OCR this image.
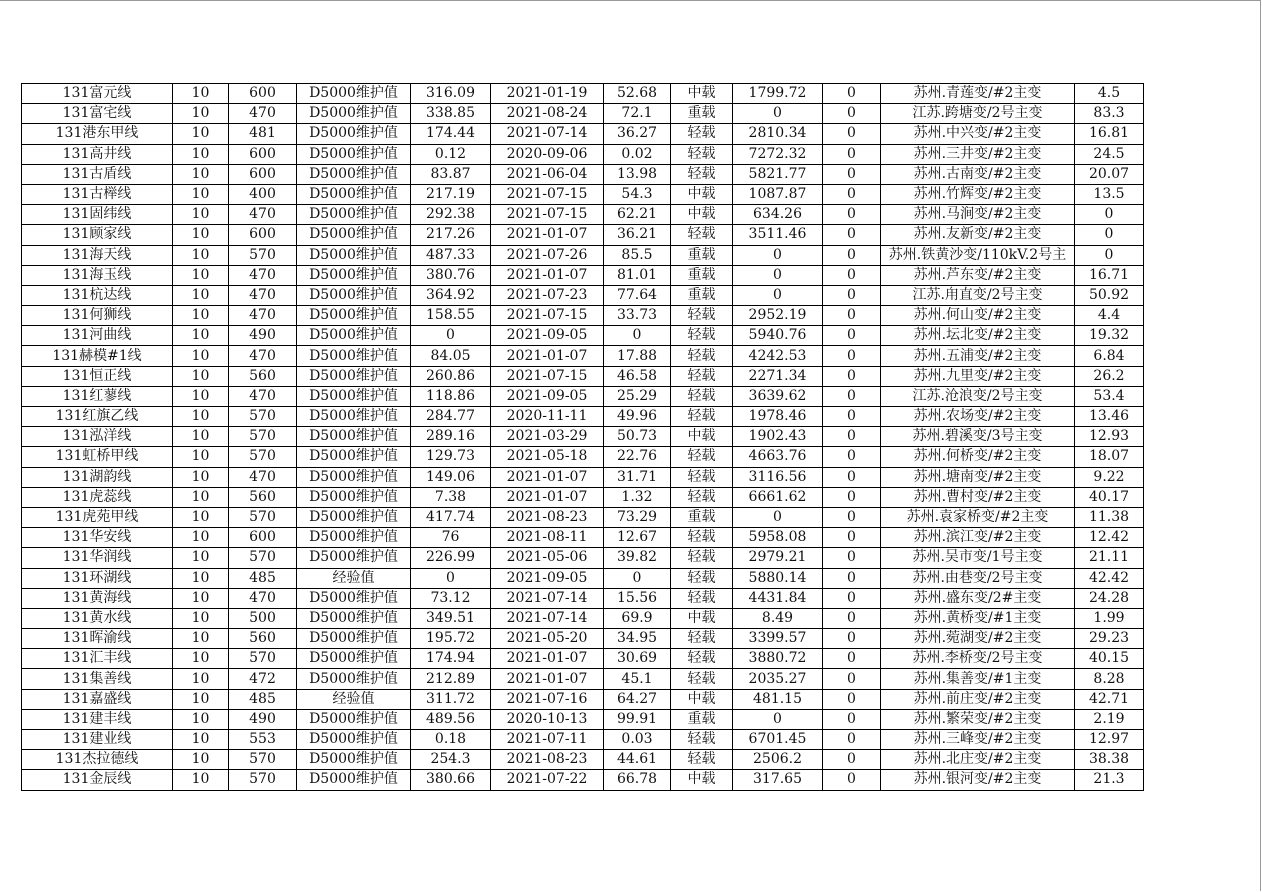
131富元线	10	600	D5000维护值	316.09	2021-01-19	52.68	中载	1799.72	0	苏州.青莲变/#2主变	4.5
131富宅线	10	470	D5000维护值	338.85	2021-08-24	72.1	重载	0	0	江苏.跨塘变/2号主变	83.3
131港东甲线	10	481	D5000维护值	174.44	2021-07-14	36.27	轻载	2810.34	0	苏州.中兴变/#2主变	16.81
131高井线	10	600	D5000维护值	0.12	2020-09-06	0.02	轻载	7272.32	0	苏州.三井变/#2主变	24.5
131古盾线	10	600	D5000维护值	83.87	2021-06-04	13.98	轻载	5821.77	0	苏州.古南变/#2主变	20.07
131古榉线	10	400	D5000维护值	217.19	2021-07-15	54.3	中载	1087.87	0	苏州.竹辉变/#2主变	13.5
131固纬线	10	470	D5000维护值	292.38	2021-07-15	62.21	中载	634.26	0	苏州.马涧变/#2主变	0
131顾家线	10	600	D5000维护值	217.26	2021-01-07	36.21	轻载	3511.46	0	苏州.友新变/#2主变	0
131海天线	10	570	D5000维护值	487.33	2021-07-26	85.5	重载	0	0	苏州.铁黄沙变/110kV.2号主	0
131海玉线	10	470	D5000维护值	380.76	2021-01-07	81.01	重载	0	0	苏州.芦东变/#2主变	16.71
131杭达线	10	470	D5000维护值	364.92	2021-07-23	77.64	重载	0	0	江苏.甪直变/2号主变	50.92
131何狮线	10	470	D5000维护值	158.55	2021-07-15	33.73	轻载	2952.19	0	苏州.何山变/#2主变	4.4
131河曲线	10	490	D5000维护值	0	2021-09-05	0	轻载	5940.76	0	苏州.坛北变/#2主变	19.32
131赫模#1线	10	470	D5000维护值	84.05	2021-01-07	17.88	轻载	4242.53	0	苏州.五浦变/#2主变	6.84
131恒正线	10	560	D5000维护值	260.86	2021-07-15	46.58	轻载	2271.34	0	苏州.九里变/#2主变	26.2
131红蓼线	10	470	D5000维护值	118.86	2021-09-05	25.29	轻载	3639.62	0	江苏.沧浪变/2号主变	53.4
131红旗乙线	10	570	D5000维护值	284.77	2020-11-11	49.96	轻载	1978.46	0	苏州.农场变/#2主变	13.46
131泓洋线	10	570	D5000维护值	289.16	2021-03-29	50.73	中载	1902.43	0	苏州.碧溪变/3号主变	12.93
131虹桥甲线	10	570	D5000维护值	129.73	2021-05-18	22.76	轻载	4663.76	0	苏州.何桥变/#2主变	18.07
131湖韵线	10	470	D5000维护值	149.06	2021-01-07	31.71	轻载	3116.56	0	苏州.塘南变/#2主变	9.22
131虎蕊线	10	560	D5000维护值	7.38	2021-01-07	1.32	轻载	6661.62	0	苏州.曹村变/#2主变	40.17
131虎苑甲线	10	570	D5000维护值	417.74	2021-08-23	73.29	重载	0	0	苏州.袁家桥变/#2主变	11.38
131华安线	10	600	D5000维护值	76	2021-08-11	12.67	轻载	5958.08	0	苏州.滨江变/#2主变	12.42
131华润线	10	570	D5000维护值	226.99	2021-05-06	39.82	轻载	2979.21	0	苏州.吴市变/1号主变	21.11
131环湖线	10	485	经验值	0	2021-09-05	0	轻载	5880.14	0	苏州.由巷变/2号主变	42.42
131黄海线	10	470	D5000维护值	73.12	2021-07-14	15.56	轻载	4431.84	0	苏州.盛东变/2#主变	24.28
131黄水线	10	500	D5000维护值	349.51	2021-07-14	69.9	中载	8.49	0	苏州.黄桥变/#1主变	1.99
131晖渝线	10	560	D5000维护值	195.72	2021-05-20	34.95	轻载	3399.57	0	苏州.菀湖变/#2主变	29.23
131汇丰线	10	570	D5000维护值	174.94	2021-01-07	30.69	轻载	3880.72	0	苏州.李桥变/2号主变	40.15
131集善线	10	472	D5000维护值	212.89	2021-01-07	45.1	轻载	2035.27	0	苏州.集善变/#1主变	8.28
131嘉盛线	10	485	经验值	311.72	2021-07-16	64.27	中载	481.15	0	苏州.前庄变/#2主变	42.71
131建丰线	10	490	D5000维护值	489.56	2020-10-13	99.91	重载	0	0	苏州.繁荣变/#2主变	2.19
131建业线	10	553	D5000维护值	0.18	2021-07-11	0.03	轻载	6701.45	0	苏州.三峰变/#2主变	12.97
131杰拉德线	10	570	D5000维护值	254.3	2021-08-23	44.61	轻载	2506.2	0	苏州.北庄变/#2主变	38.38
131金辰线	10	570	D5000维护值	380.66	2021-07-22	66.78	中载	317.65	0	苏州.银河变/#2主变	21.3
